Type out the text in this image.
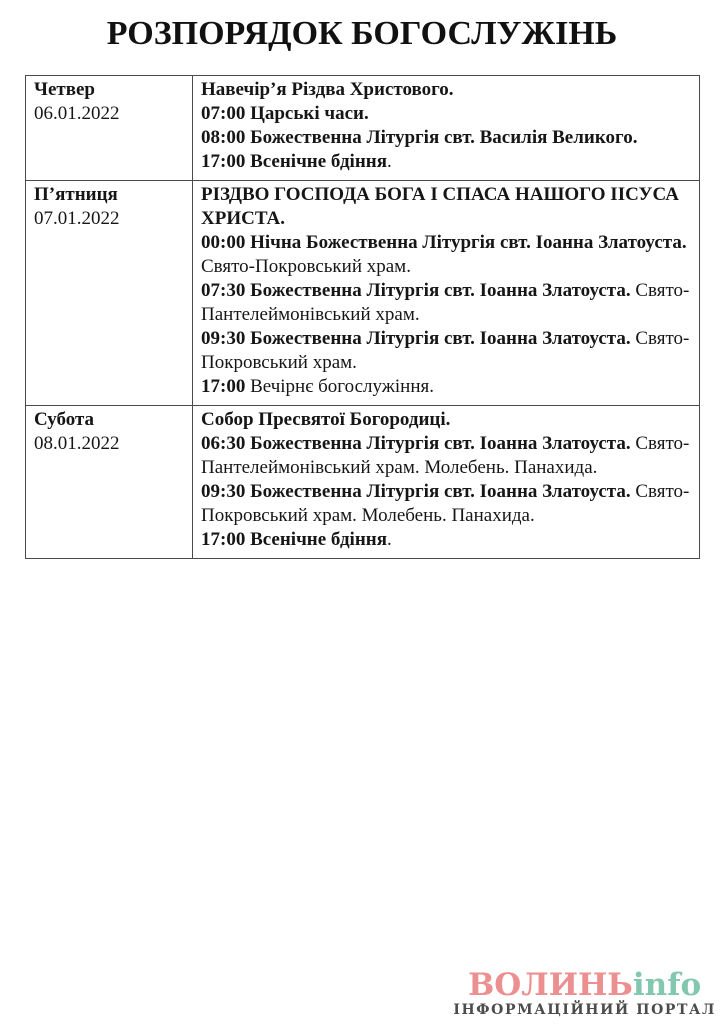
РОЗПОРЯДОК БОГОСЛУЖІНЬ
Четвер
06.01.2022

Навечір’я Різдва Христового.

07:00 Царські часи.

08:00 Божественна Літургія свт. Василія Великого.

17:00 Всенічне бдіння.

П’ятниця
07.01.2022

РІЗДВО ГОСПОДА БОГА І СПАСА НАШОГО ІІСУСА ХРИСТА.

00:00 Нічна Божественна Літургія свт. Іоанна Златоуста. Свято-Покровський храм.

07:30 Божественна Літургія свт. Іоанна Златоуста. Свято-Пантелеймонівський храм.

09:30 Божественна Літургія свт. Іоанна Златоуста. Свято-Покровський храм.

17:00 Вечірнє богослужіння.

Субота
08.01.2022

Собор Пресвятої Богородиці.

06:30 Божественна Літургія свт. Іоанна Златоуста. Свято-Пантелеймонівський храм. Молебень. Панахида.

09:30 Божественна Літургія свт. Іоанна Златоуста. Свято-Покровський храм. Молебень. Панахида.

17:00 Всенічне бдіння.

ВОЛИНЬinfo
ІНФОРМАЦІЙНИЙ ПОРТАЛ
